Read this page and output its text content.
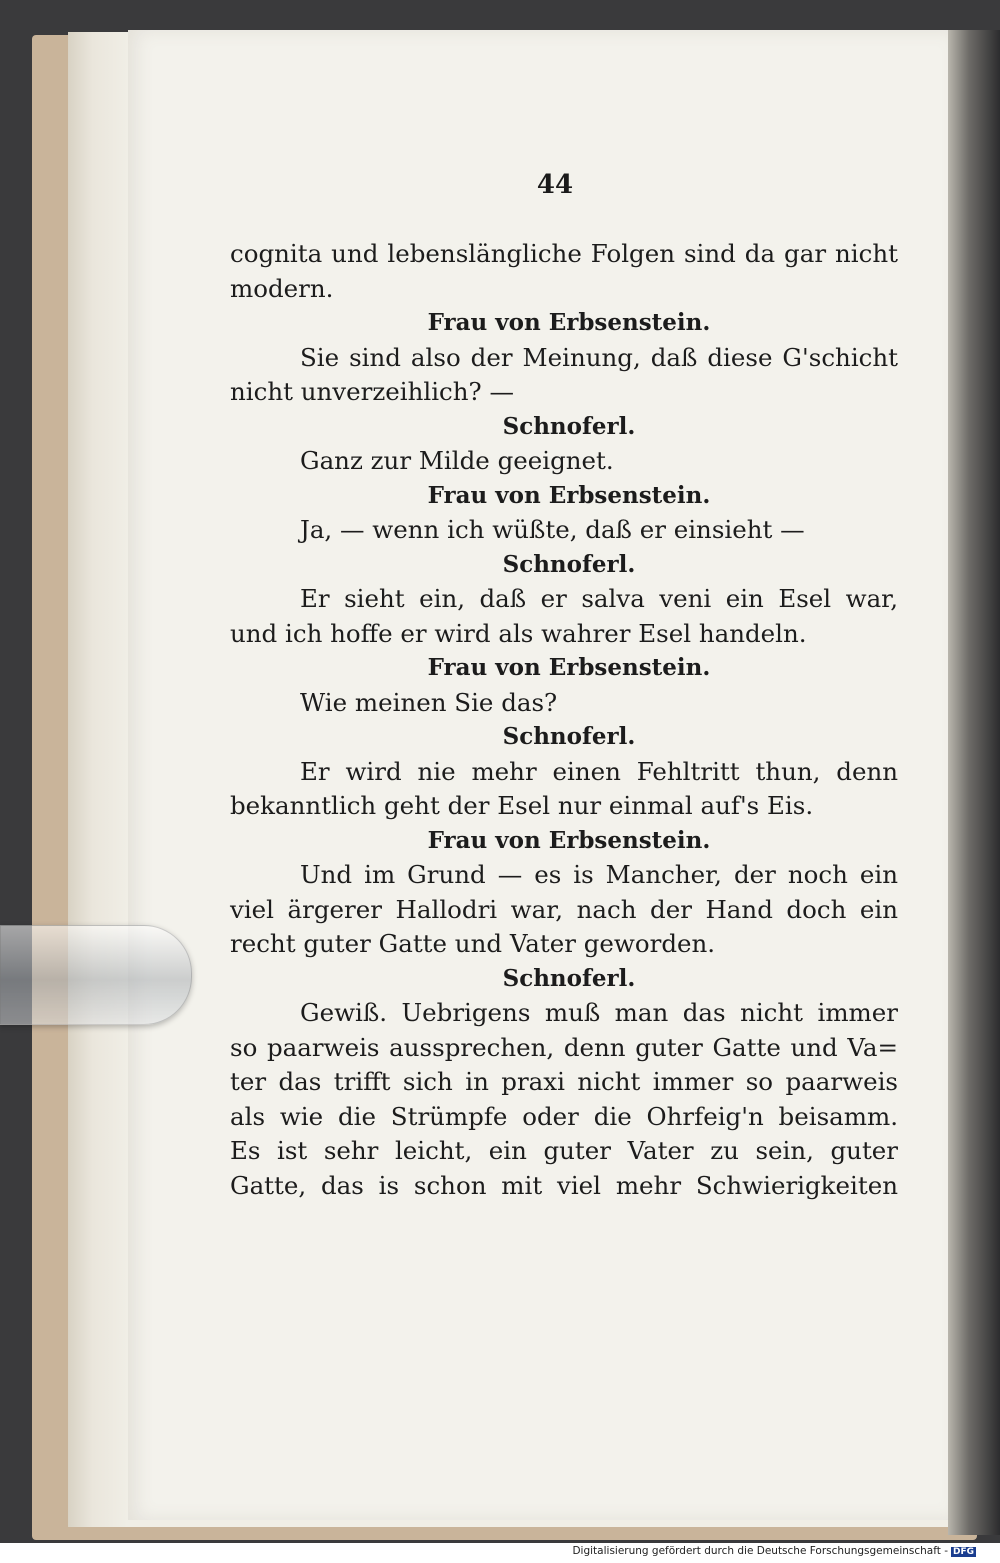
44
cognita und lebenslängliche Folgen sind da gar nicht
modern.
Frau von Erbsenstein.
Sie sind also der Meinung, daß diese G'schicht
nicht unverzeihlich? —
Schnoferl.
Ganz zur Milde geeignet.
Frau von Erbsenstein.
Ja, — wenn ich wüßte, daß er einsieht —
Schnoferl.
Er sieht ein, daß er salva veni ein Esel war,
und ich hoffe er wird als wahrer Esel handeln.
Frau von Erbsenstein.
Wie meinen Sie das?
Schnoferl.
Er wird nie mehr einen Fehltritt thun, denn
bekanntlich geht der Esel nur einmal auf's Eis.
Frau von Erbsenstein.
Und im Grund — es is Mancher, der noch ein
viel ärgerer Hallodri war, nach der Hand doch ein
recht guter Gatte und Vater geworden.
Schnoferl.
Gewiß. Uebrigens muß man das nicht immer
so paarweis aussprechen, denn guter Gatte und Va=
ter das trifft sich in praxi nicht immer so paarweis
als wie die Strümpfe oder die Ohrfeig'n beisamm.
Es ist sehr leicht, ein guter Vater zu sein, guter
Gatte, das is schon mit viel mehr Schwierigkeiten
Digitalisierung gefördert durch die Deutsche Forschungsgemeinschaft - DFG
